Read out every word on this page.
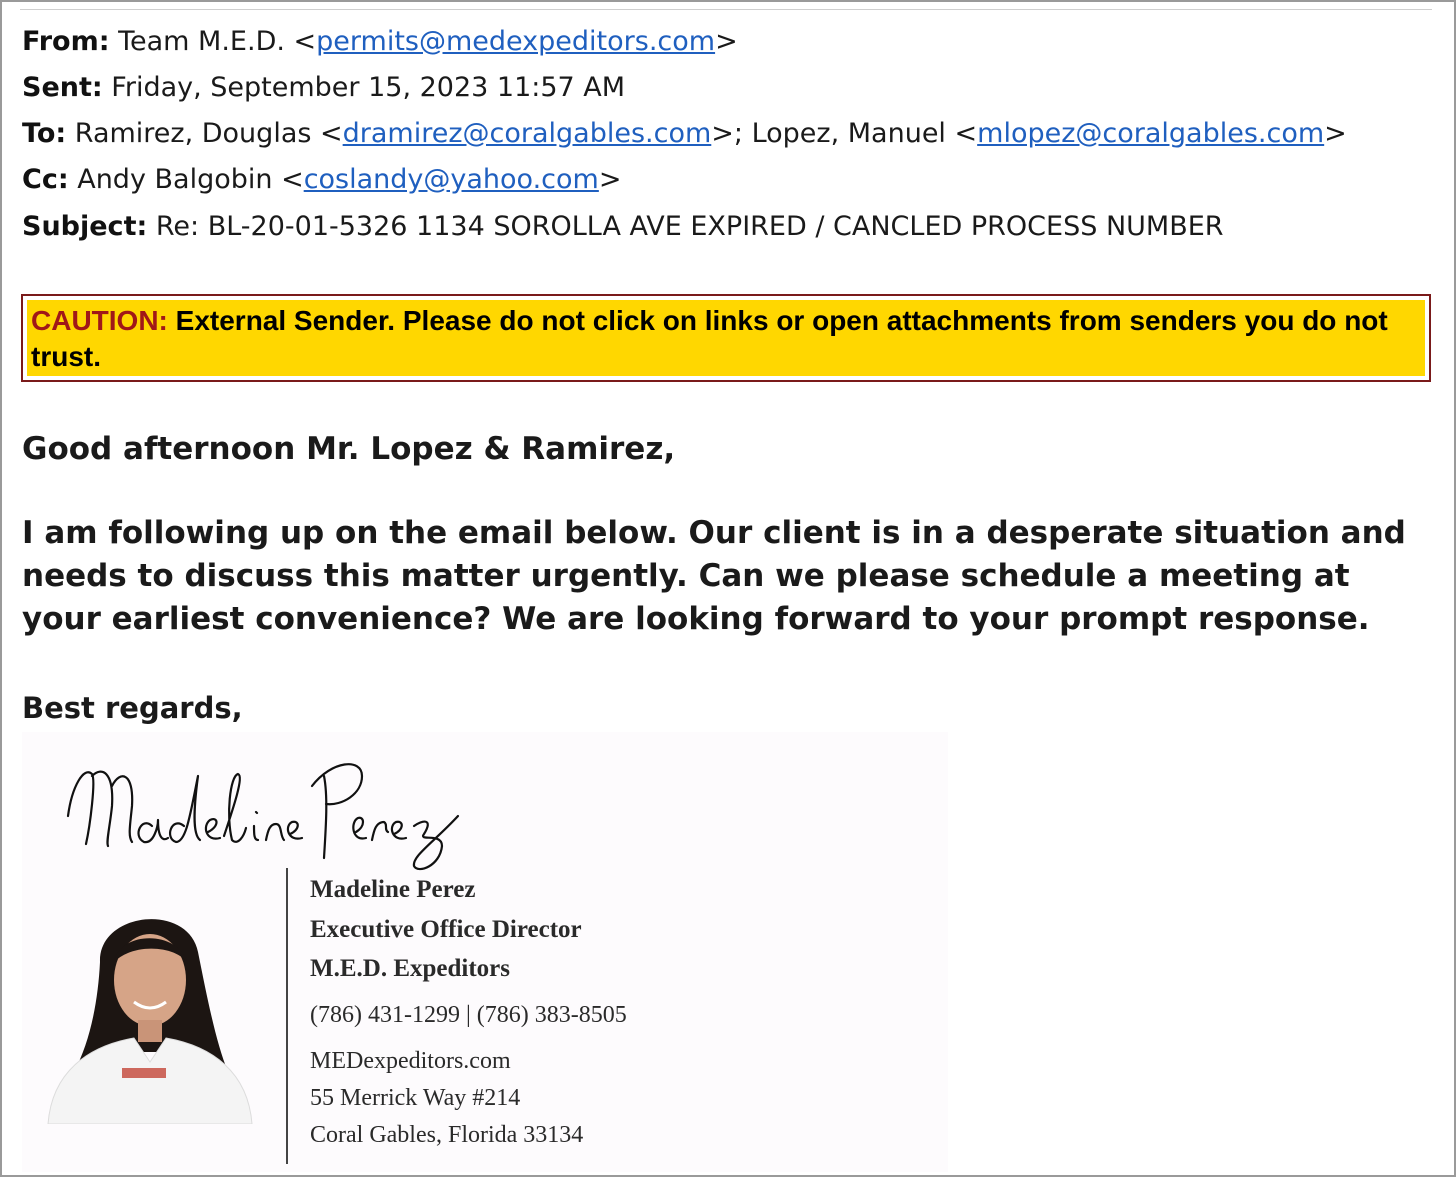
From: Team M.E.D. <permits@medexpeditors.com>
Sent: Friday, September 15, 2023 11:57 AM
To: Ramirez, Douglas <dramirez@coralgables.com>; Lopez, Manuel <mlopez@coralgables.com>
Cc: Andy Balgobin <coslandy@yahoo.com>
Subject: Re: BL-20-01-5326 1134 SOROLLA AVE EXPIRED / CANCLED PROCESS NUMBER
CAUTION: External Sender. Please do not click on links or open attachments from senders you do not trust.
Good afternoon Mr. Lopez & Ramirez,
I am following up on the email below. Our client is in a desperate situation and needs to discuss this matter urgently. Can we please schedule a meeting at your earliest convenience? We are looking forward to your prompt response.
Best regards,
Madeline Perez
Executive Office Director
M.E.D. Expeditors
(786) 431-1299 | (786) 383-8505
MEDexpeditors.com
55 Merrick Way #214
Coral Gables, Florida 33134
